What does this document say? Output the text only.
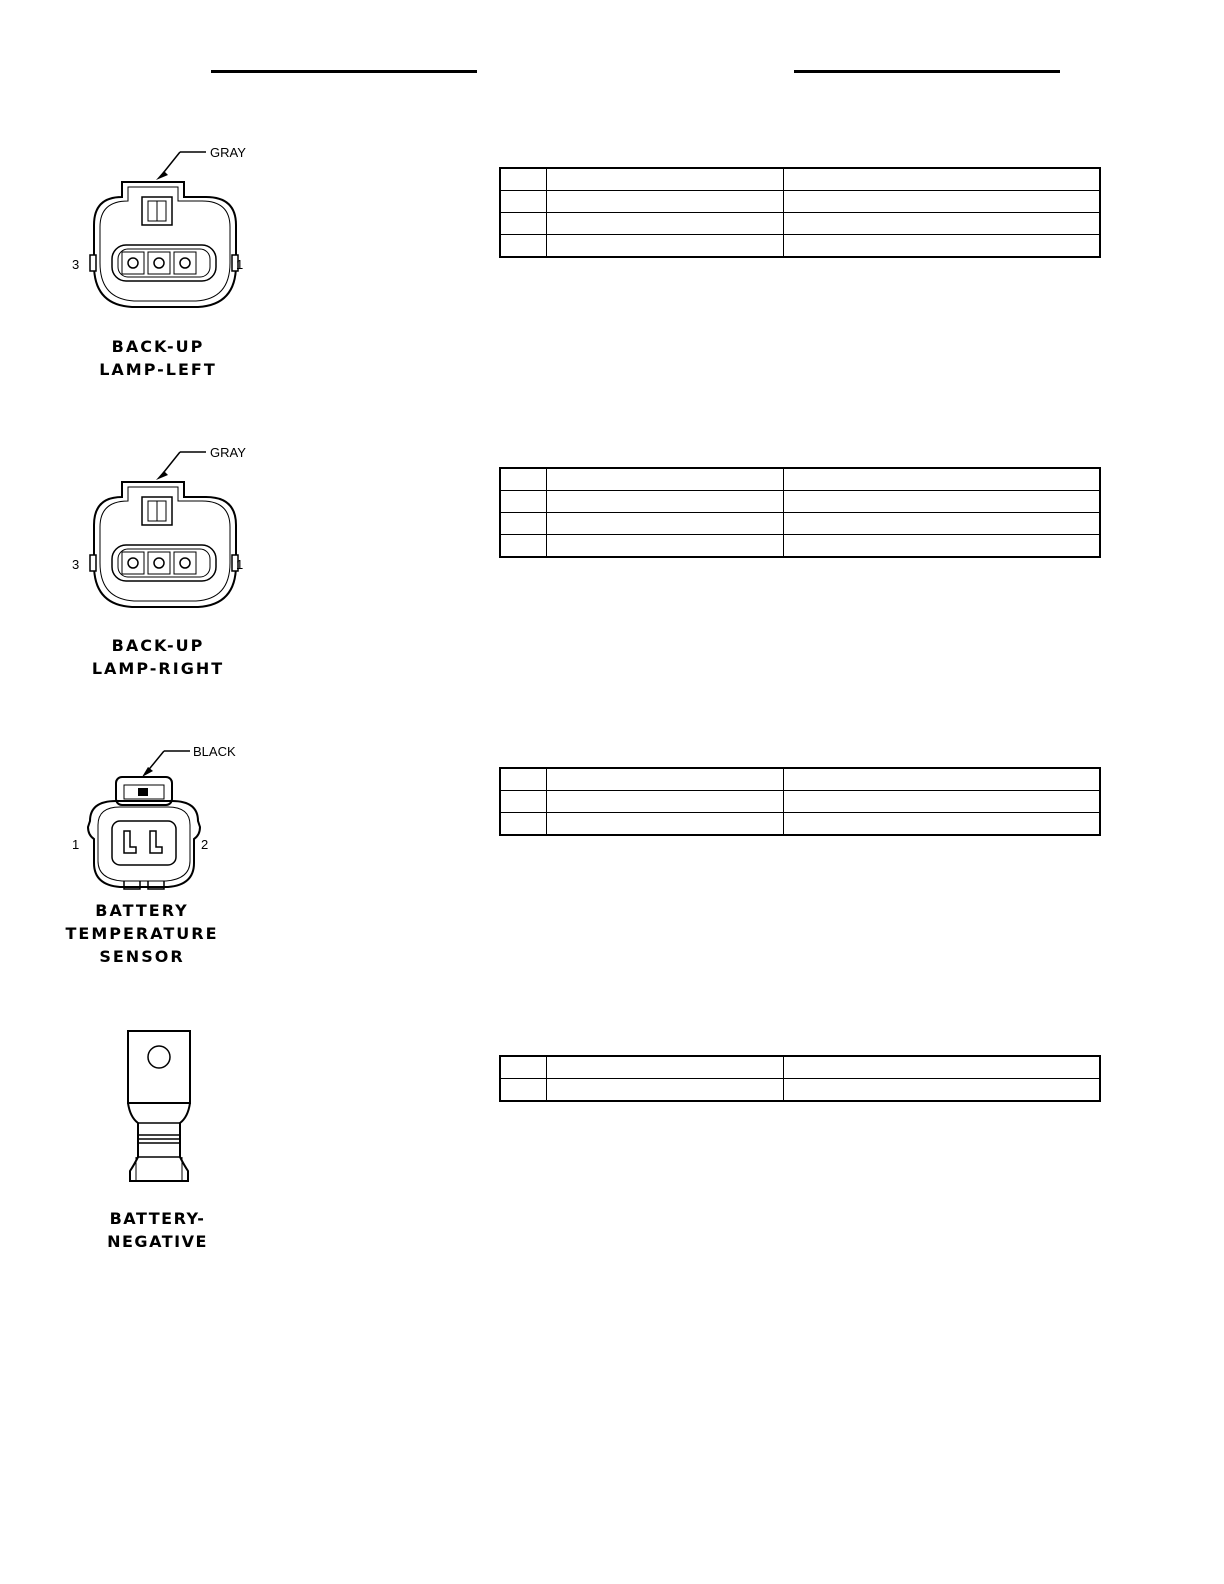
GRAY
3	1
BACK-UP
LAMP-LEFT

GRAY
3	1
BACK-UP
LAMP-RIGHT

BLACK
1	2
BATTERY
TEMPERATURE
SENSOR

BATTERY-NEGATIVE
